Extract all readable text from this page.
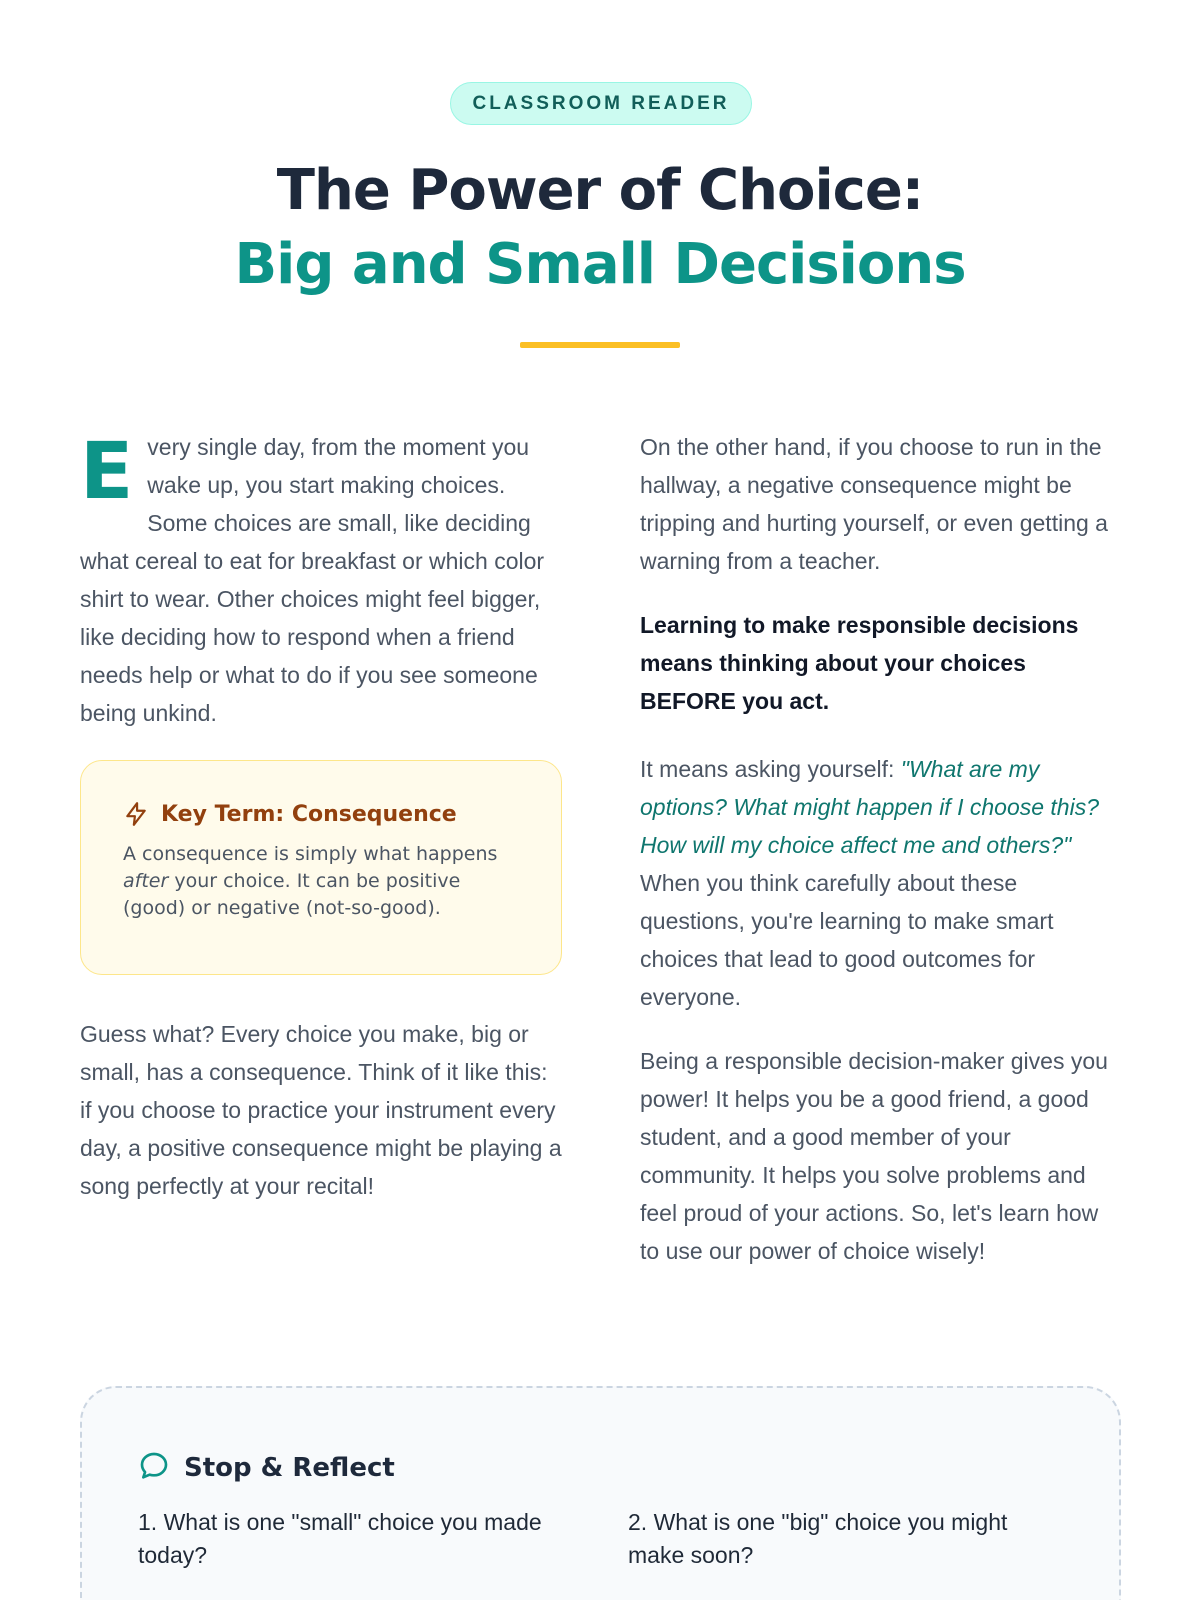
CLASSROOM READER
The Power of Choice:
Big and Small Decisions
Every single day, from the moment you wake up, you start making choices. Some choices are small, like deciding what cereal to eat for breakfast or which color shirt to wear. Other choices might feel bigger, like deciding how to respond when a friend needs help or what to do if you see someone being unkind.
Key Term: Consequence
A consequence is simply what happens after your choice. It can be positive (good) or negative (not-so-good).
Guess what? Every choice you make, big or small, has a consequence. Think of it like this: if you choose to practice your instrument every day, a positive consequence might be playing a song perfectly at your recital!
On the other hand, if you choose to run in the hallway, a negative consequence might be tripping and hurting yourself, or even getting a warning from a teacher.
Learning to make responsible decisions means thinking about your choices BEFORE you act.
It means asking yourself: "What are my options? What might happen if I choose this? How will my choice affect me and others?" When you think carefully about these questions, you're learning to make smart choices that lead to good outcomes for everyone.
Being a responsible decision-maker gives you power! It helps you be a good friend, a good student, and a good member of your community. It helps you solve problems and feel proud of your actions. So, let's learn how to use our power of choice wisely!
Stop & Reflect
1. What is one "small" choice you made today?
2. What is one "big" choice you might make soon?
